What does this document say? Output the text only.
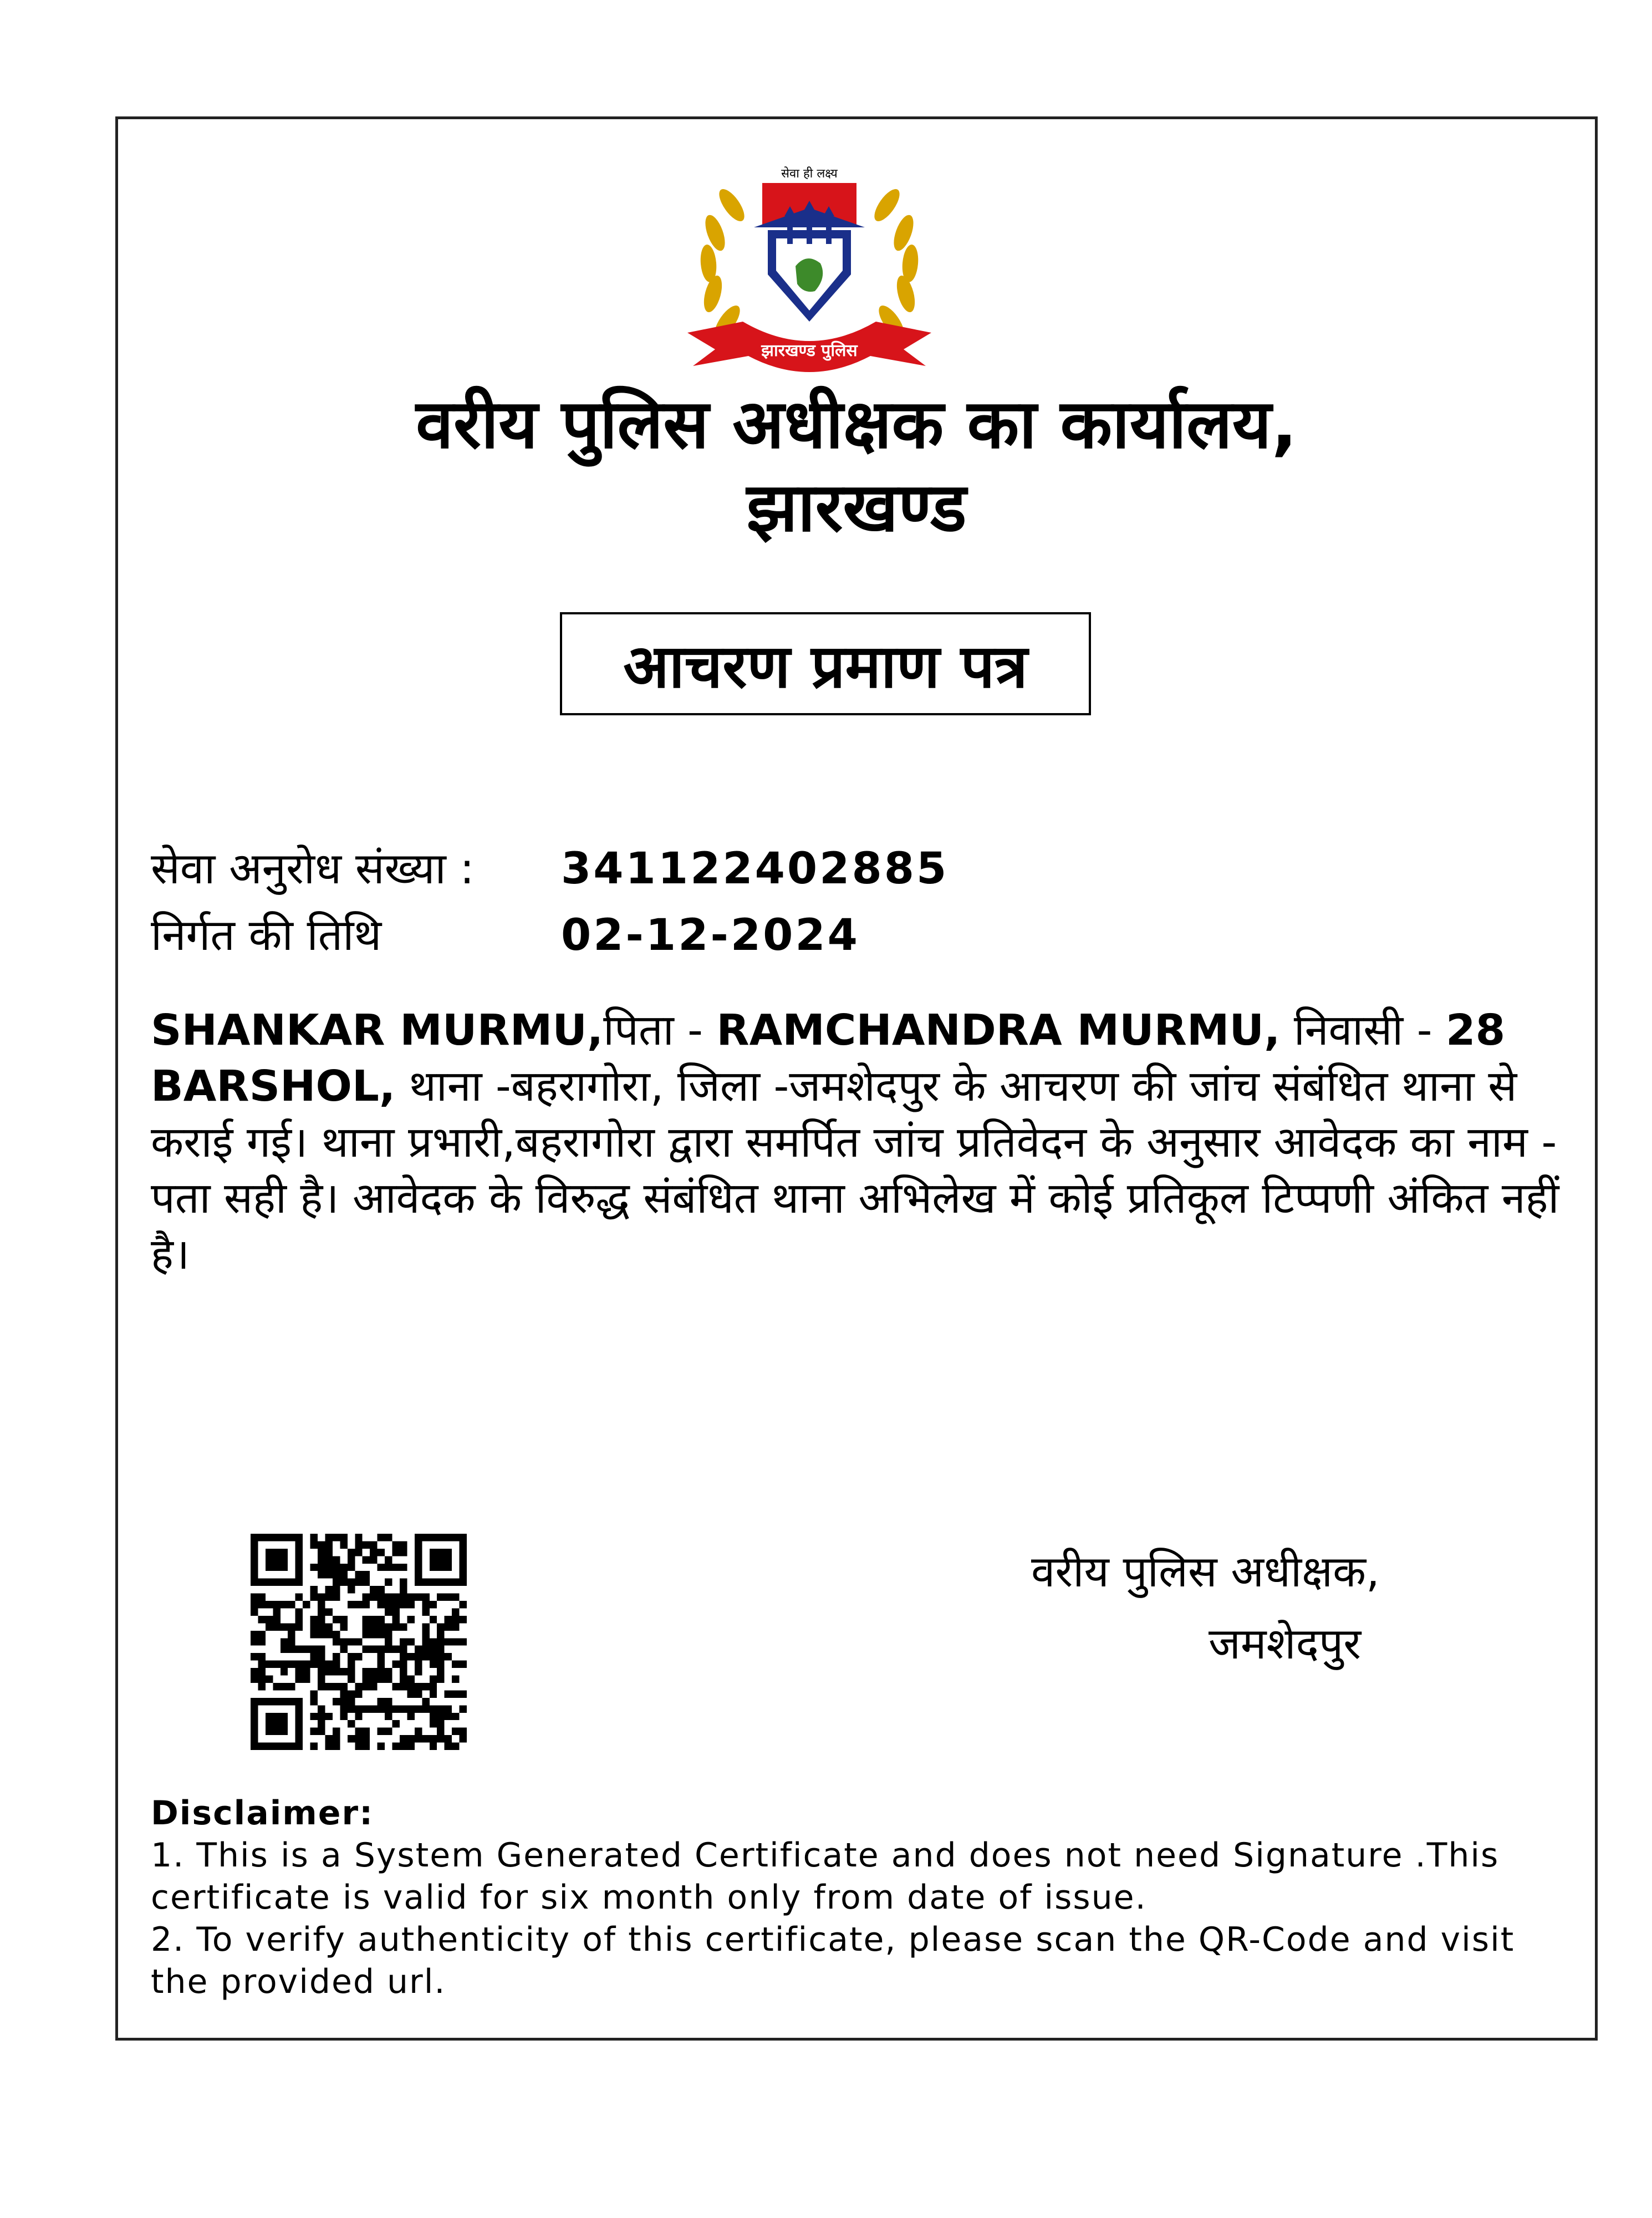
झारखण्ड पुलिस
सेवा ही लक्ष्य

वरीय पुलिस अधीक्षक का कार्यालय,

झारखण्ड

आचरण प्रमाण पत्र
सेवा अनुरोध संख्या : 341122402885
निर्गत की तिथि	02-12-2024
SHANKAR MURMU,पिता - RAMCHANDRA MURMU, निवासी - 28 BARSHOL, थाना -बहरागोरा, जिला -जमशेदपुर के आचरण की जांच संबंधित थाना से कराई गई। थाना प्रभारी,बहरागोरा द्वारा समर्पित जांच प्रतिवेदन के अनुसार आवेदक का नाम - पता सही है। आवेदक के विरुद्ध संबंधित थाना अभिलेख में कोई प्रतिकूल टिप्पणी अंकित नहीं है।
वरीय पुलिस अधीक्षक,
जमशेदपुर
Disclaimer:
1. This is a System Generated Certificate and does not need Signature .This certificate is valid for six month only from date of issue.
2. To verify authenticity of this certificate, please scan the QR-Code and visit the provided url.
